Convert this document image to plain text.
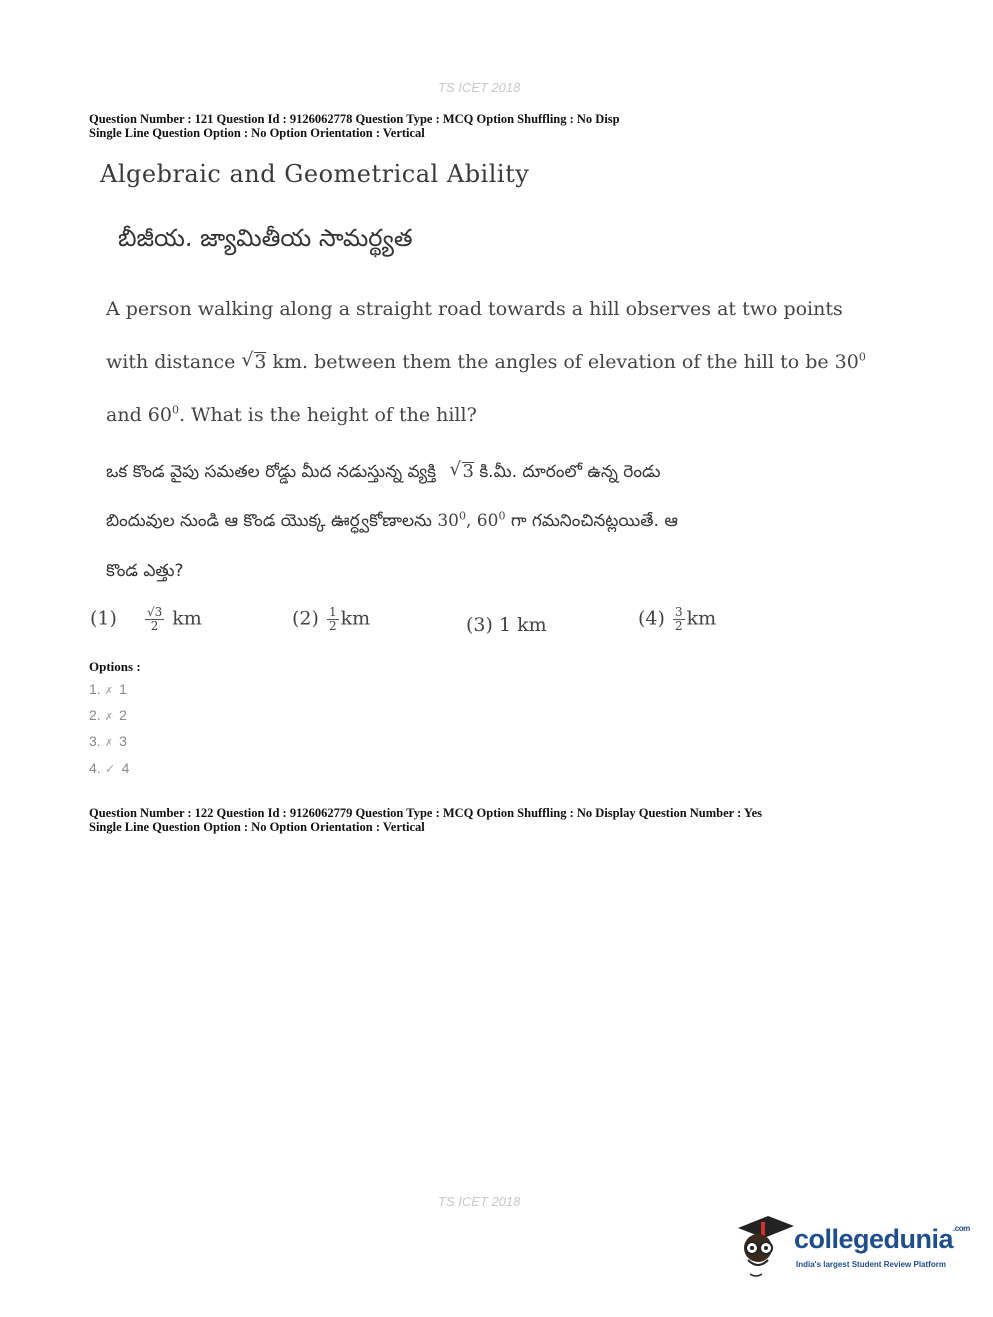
TS ICET 2018
Question Number : 121 Question Id : 9126062778 Question Type : MCQ Option Shuffling : No Disp
Single Line Question Option : No Option Orientation : Vertical
Algebraic and Geometrical Ability
బీజీయ. జ్యామితీయ సామర్థ్యత
A person walking along a straight road towards a hill observes at two points
with distance √ 3 km. between them the angles of elevation of the hill to be $30^0$
and $60^0$. What is the height of the hill?
ఒక కొండ వైపు సమతల రోడ్డు మీద నడుస్తున్న వ్యక్తి √ 3 కి.మీ. దూరంలో ఉన్న రెండు
బిందువుల నుండి ఆ కొండ యొక్క ఊర్ధ్వకోణాలను $30^0$, $60^0$ గా గమనించినట్లయితే. ఆ
కొండ ఎత్తు?
$(1) \frac{√3}{2}$ km	$(2) \frac{1}{2}$ km	(3) 1 km	$(4) \frac{3}{2}$ km
Options :
1. ✗ 1
2. ✗ 2
3. ✗ 3
4. ✓ 4
Question Number : 122 Question Id : 9126062779 Question Type : MCQ Option Shuffling : No Display Question Number : Yes
Single Line Question Option : No Option Orientation : Vertical
TS ICET 2018
collegedunia$^{.com}$
India's largest Student Review Platform
